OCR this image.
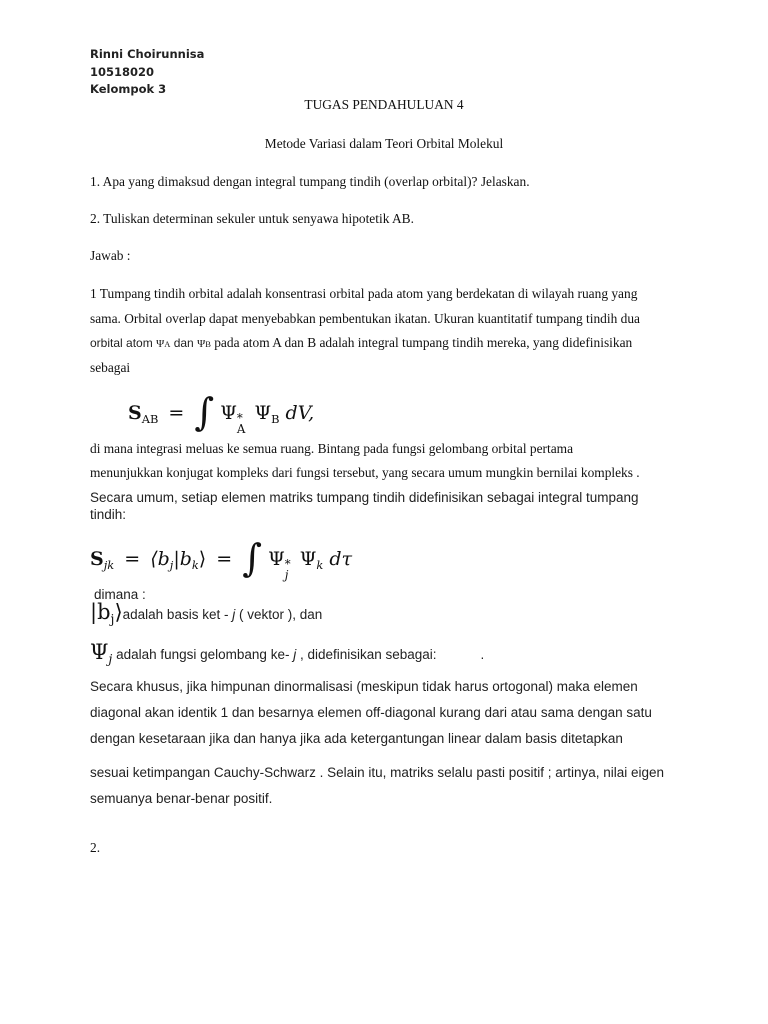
Rinni Choirunnisa
10518020
Kelompok 3
TUGAS PENDAHULUAN 4
Metode Variasi dalam Teori Orbital Molekul
1. Apa yang dimaksud dengan integral tumpang tindih (overlap orbital)? Jelaskan.
2. Tuliskan determinan sekuler untuk senyawa hipotetik AB.
Jawab :
1 Tumpang tindih orbital adalah konsentrasi orbital pada atom yang berdekatan di wilayah ruang yang
sama. Orbital overlap dapat menyebabkan pembentukan ikatan. Ukuran kuantitatif tumpang tindih dua
orbital atom ΨA dan ΨB pada atom A dan B adalah integral tumpang tindih mereka, yang didefinisikan
sebagai
$S_{AB}$ = ∫ Ψ *
A
$\Psi_B$ dV,
di mana integrasi meluas ke semua ruang. Bintang pada fungsi gelombang orbital pertama
menunjukkan konjugat kompleks dari fungsi tersebut, yang secara umum mungkin bernilai kompleks .
Secara umum, setiap elemen matriks tumpang tindih didefinisikan sebagai integral tumpang
tindih:
$S_{jk}$ = $⟨b_j|b_k⟩$ = ∫ Ψ *
j
$\Psi_k$ dτ
dimana :
$|b_j⟩adalah$ basis ket - j ( vektor ), dan
$\Psi_j$ adalah fungsi gelombang ke- j , didefinisikan sebagai:	.
Secara khusus, jika himpunan dinormalisasi (meskipun tidak harus ortogonal) maka elemen
diagonal akan identik 1 dan besarnya elemen off-diagonal kurang dari atau sama dengan satu
dengan kesetaraan jika dan hanya jika ada ketergantungan linear dalam basis ditetapkan
sesuai ketimpangan Cauchy-Schwarz . Selain itu, matriks selalu pasti positif ; artinya, nilai eigen
semuanya benar-benar positif.
2.
